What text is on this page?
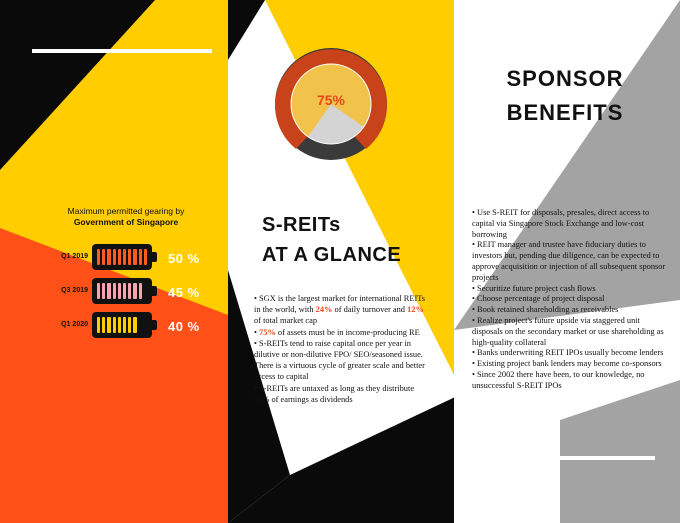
Maximum permitted gearing by
Government of Singapore
Q1 2019	50 %
Q3 2019	45 %
Q1 2020	40 %
75%
S-REITs
AT A GLANCE
• SGX is the largest market for international REITs in the world, with 24% of daily turnover and 12% of total market cap
• 75% of assets must be in income-producing RE
• S-REITs tend to raise capital once per year in dilutive or non-dilutive FPO/ SEO/seasoned issue. There is a virtuous cycle of greater scale and better access to capital
• S-REITs are untaxed as long as they distribute 90% of earnings as dividends
SPONSOR
BENEFITS
• Use S-REIT for disposals, presales, direct access to capital via Singapore Stock Exchange and low-cost borrowing
• REIT manager and trustee have fiduciary duties to investors but, pending due diligence, can be expected to approve acquisition or injection of all subsequent sponsor projects
• Securitize future project cash flows
• Choose percentage of project disposal
• Book retained shareholding as receivables
• Realize project's future upside via staggered unit disposals on the secondary market or use shareholding as high-quality collateral
• Banks underwriting REIT IPOs usually become lenders
• Existing project bank lenders may become co-sponsors
• Since 2002 there have been, to our knowledge, no unsuccessful S-REIT IPOs
